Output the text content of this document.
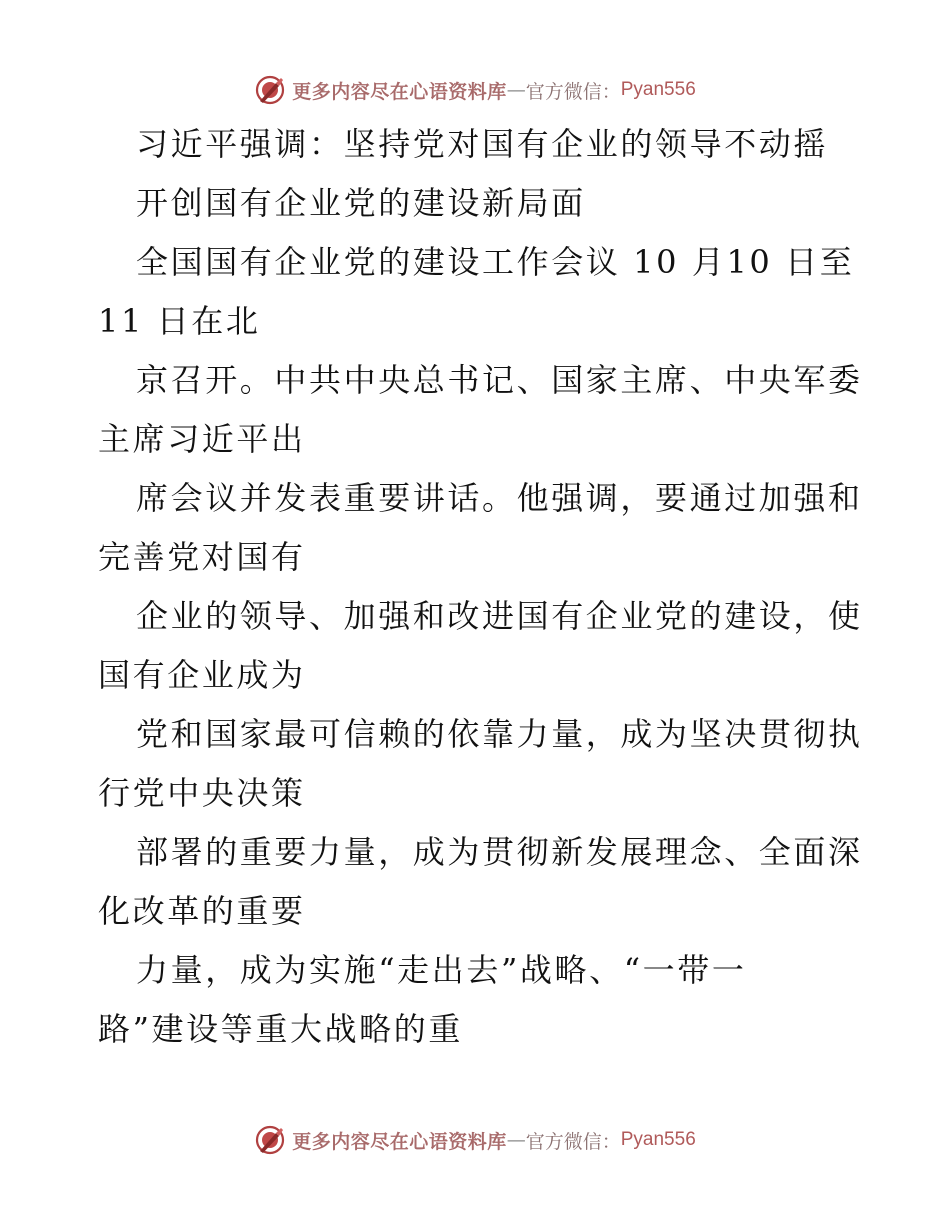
更多内容尽在心语资料库 — 官方微信： Pyan556

习近平强调：坚持党对国有企业的领导不动摇

开创国有企业党的建设新局面

全国国有企业党的建设工作会议 10 月10 日至

11 日在北

京召开。中共中央总书记、国家主席、中央军委

主席习近平出

席会议并发表重要讲话。他强调，要通过加强和

完善党对国有

企业的领导、加强和改进国有企业党的建设，使

国有企业成为

党和国家最可信赖的依靠力量，成为坚决贯彻执

行党中央决策

部署的重要力量，成为贯彻新发展理念、全面深

化改革的重要

力量，成为实施“走出去”战略、“一带一

路”建设等重大战略的重

更多内容尽在心语资料库 — 官方微信： Pyan556
